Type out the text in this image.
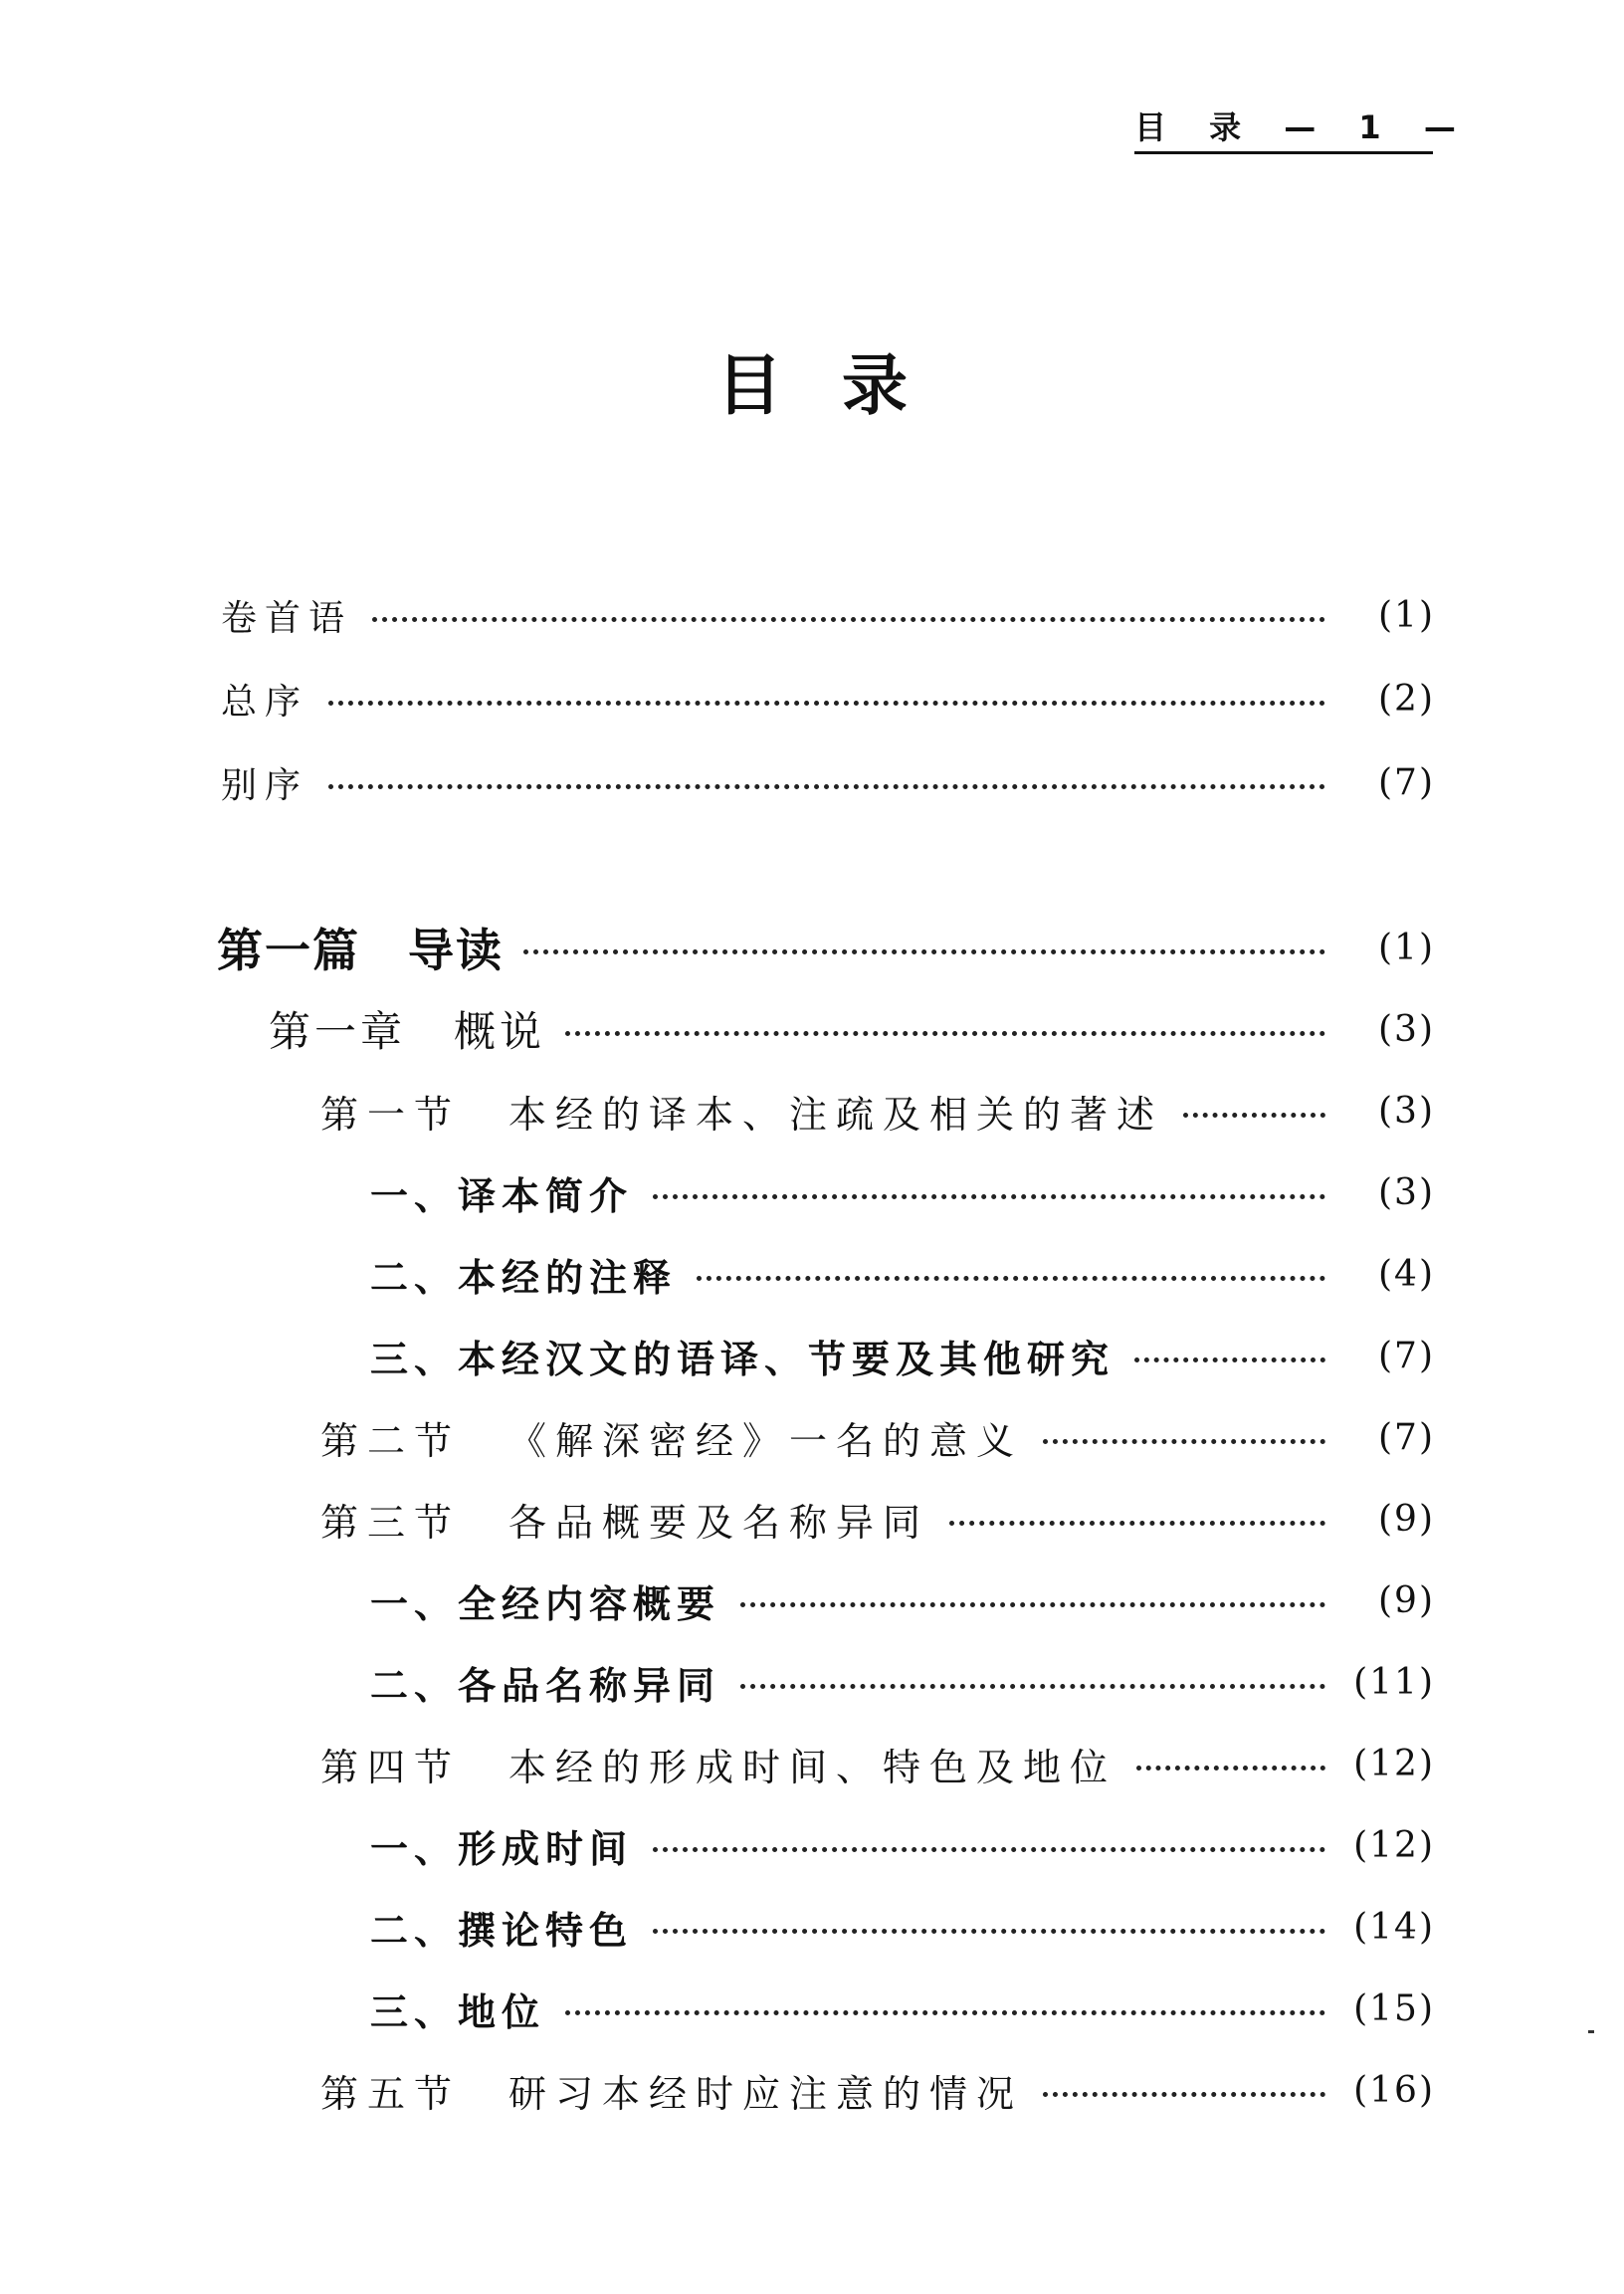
目 录 — 1 —
目录
卷首语	(1)
总序	(2)
别序	(7)
第一篇 导读	(1)
第一章 概说	(3)
第一节 本经的译本、注疏及相关的著述	(3)
一、译本简介	(3)
二、本经的注释	(4)
三、本经汉文的语译、节要及其他研究	(7)
第二节 《解深密经》一名的意义	(7)
第三节 各品概要及名称异同	(9)
一、全经内容概要	(9)
二、各品名称异同	(11)
第四节 本经的形成时间、特色及地位	(12)
一、形成时间	(12)
二、撰论特色	(14)
三、地位	(15)
第五节 研习本经时应注意的情况	(16)
